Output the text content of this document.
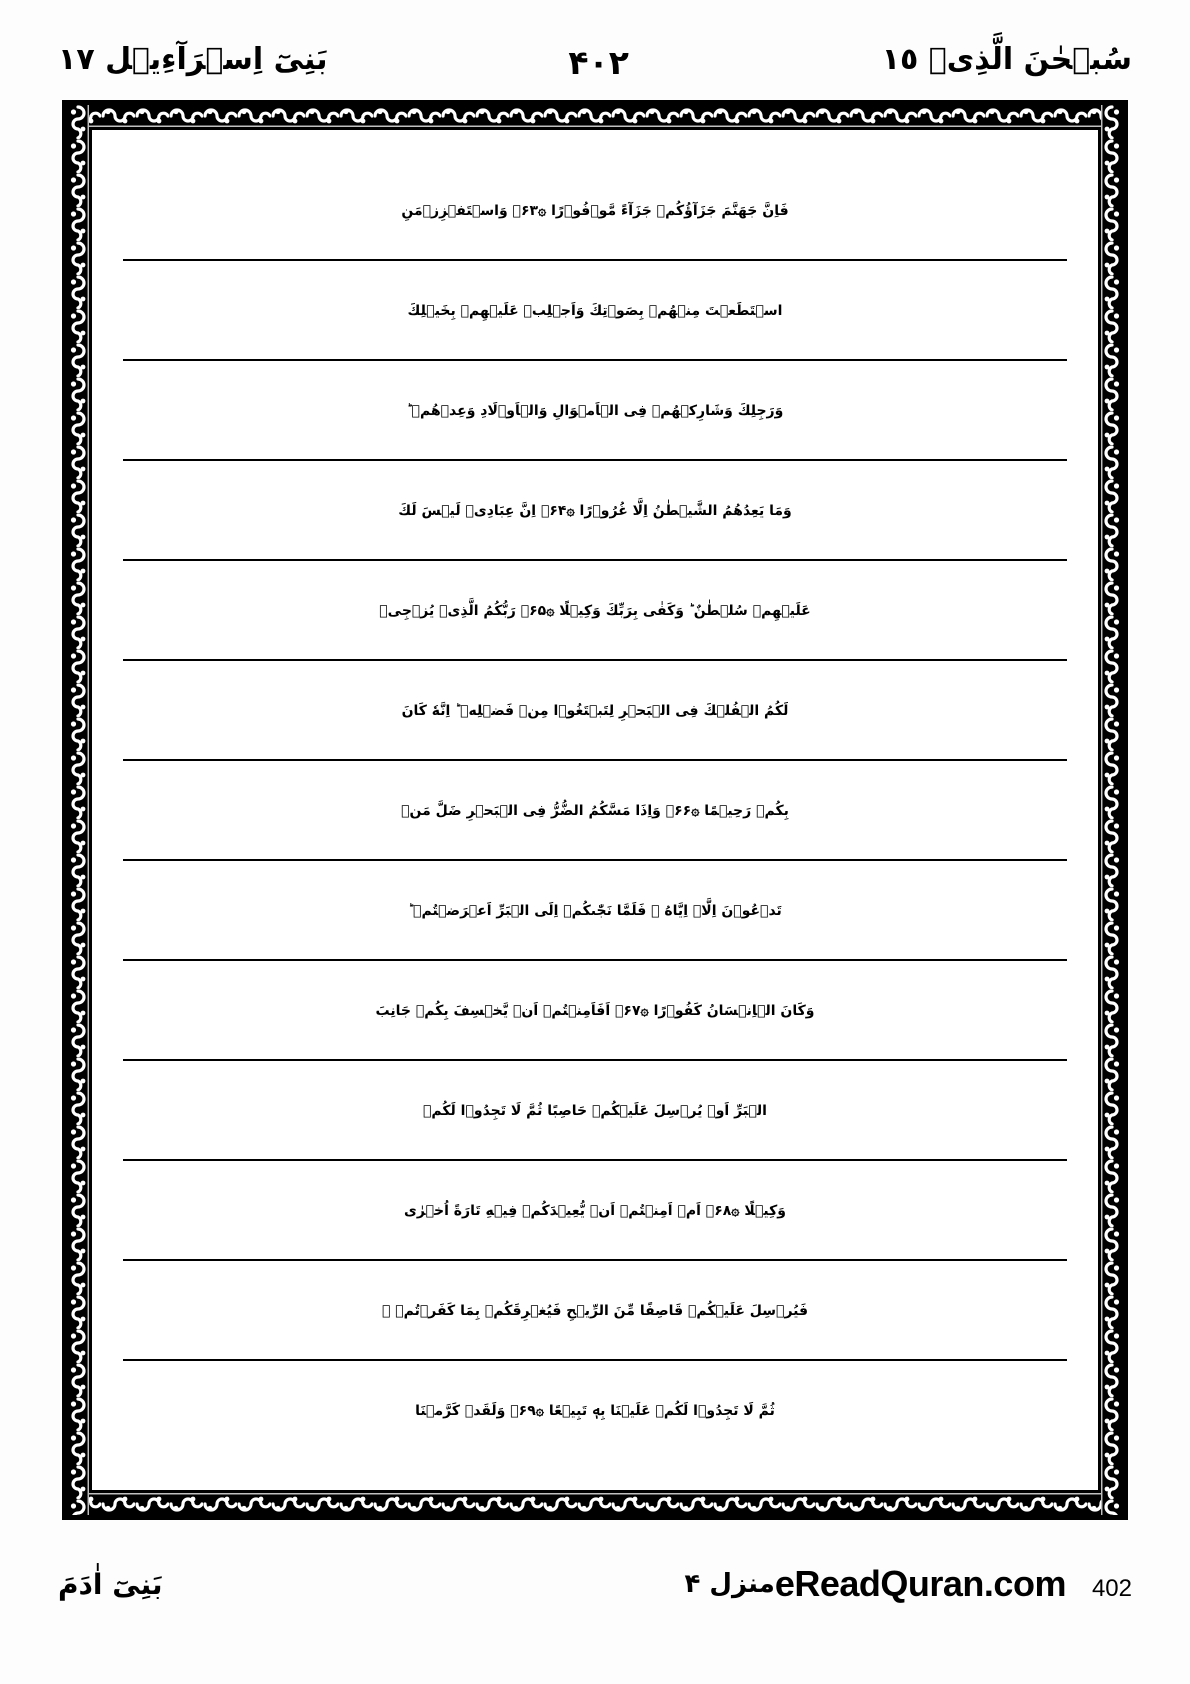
سُبۡحٰنَ الَّذِىۡ ١٥
۴۰۲
بَنِىٓ اِسۡرَآءِيۡل ١٧
فَاِنَّ جَهَنَّمَ جَزَآؤُكُمۡ جَزَآءً مَّوۡفُوۡرًا ۞۶۳۞ وَاسۡتَفۡزِزۡمَنِ
اسۡتَطَعۡتَ مِنۡهُمۡ بِصَوۡتِكَ وَاَجۡلِبۡ عَلَيۡهِمۡ بِخَيۡلِكَ
وَرَجِلِكَ وَشَارِكۡهُمۡ فِى الۡاَمۡوَالِ وَالۡاَوۡلَادِ وَعِدۡهُمۡ ؕ
وَمَا يَعِدُهُمُ الشَّيۡطٰنُ اِلَّا غُرُوۡرًا ۞۶۴۞ اِنَّ عِبَادِىۡ لَيۡسَ لَكَ
عَلَيۡهِمۡ سُلۡطٰنٌ ؕ وَكَفٰى بِرَبِّكَ وَكِيۡلًا ۞۶۵۞ رَبُّكُمُ الَّذِىۡ يُزۡجِىۡ
لَكُمُ الۡفُلۡكَ فِى الۡبَحۡرِ لِتَبۡتَغُوۡا مِنۡ فَضۡلِهٖ ؕ اِنَّهٗ كَانَ
بِكُمۡ رَحِيۡمًا ۞۶۶۞ وَاِذَا مَسَّكُمُ الضُّرُّ فِى الۡبَحۡرِ ضَلَّ مَنۡ
تَدۡعُوۡنَ اِلَّاۤ اِيَّاهُ ۚ فَلَمَّا نَجّٰىكُمۡ اِلَى الۡبَرِّ اَعۡرَضۡتُمۡ ؕ
وَكَانَ الۡاِنۡسَانُ كَفُوۡرًا ۞۶۷۞ اَفَاَمِنۡتُمۡ اَنۡ يَّخۡسِفَ بِكُمۡ جَانِبَ
الۡبَرِّ اَوۡ يُرۡسِلَ عَلَيۡكُمۡ حَاصِبًا ثُمَّ لَا تَجِدُوۡا لَكُمۡ
وَكِيۡلًا ۞۶۸۞ اَمۡ اَمِنۡتُمۡ اَنۡ يُّعِيۡدَكُمۡ فِيۡهِ تَارَةً اُخۡرٰى
فَيُرۡسِلَ عَلَيۡكُمۡ قَاصِفًا مِّنَ الرِّيۡحِ فَيُغۡرِقَكُمۡ بِمَا كَفَرۡتُمۡ ۙ
ثُمَّ لَا تَجِدُوۡا لَكُمۡ عَلَيۡنَا بِهٖ تَبِيۡعًا ۞۶۹۞ وَلَقَدۡ كَرَّمۡنَا
eReadQuran.com 402
منزل ۴
بَنِىٓ اٰدَمَ
